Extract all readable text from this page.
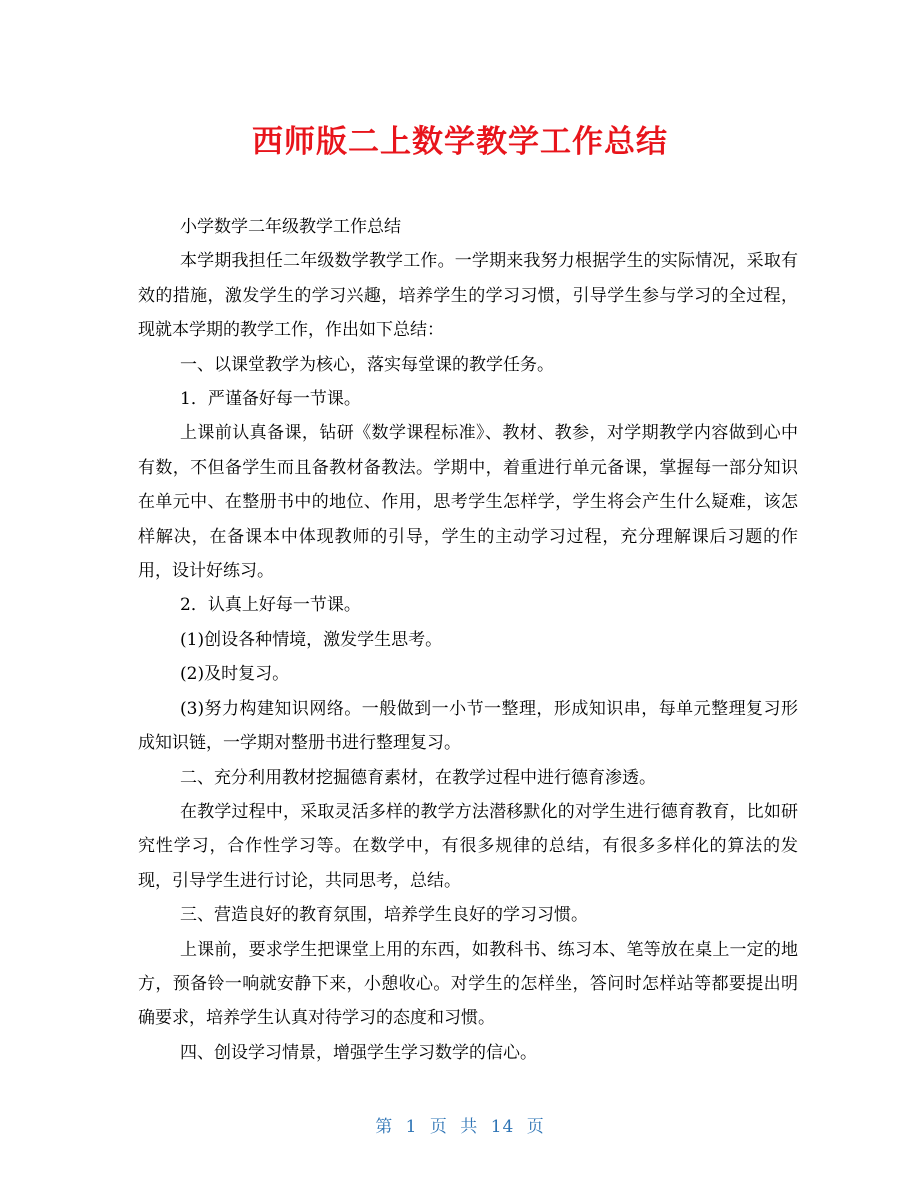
西师版二上数学教学工作总结

小学数学二年级教学工作总结

本学期我担任二年级数学教学工作。一学期来我努力根据学生的实际情况，采取有效的措施，激发学生的学习兴趣，培养学生的学习习惯，引导学生参与学习的全过程，现就本学期的教学工作，作出如下总结：

一、以课堂教学为核心，落实每堂课的教学任务。

1．严谨备好每一节课。

上课前认真备课，钻研《数学课程标准》、教材、教参，对学期教学内容做到心中有数，不但备学生而且备教材备教法。学期中，着重进行单元备课，掌握每一部分知识在单元中、在整册书中的地位、作用，思考学生怎样学，学生将会产生什么疑难，该怎样解决，在备课本中体现教师的引导，学生的主动学习过程，充分理解课后习题的作用，设计好练习。

2．认真上好每一节课。

(1)创设各种情境，激发学生思考。

(2)及时复习。

(3)努力构建知识网络。一般做到一小节一整理，形成知识串，每单元整理复习形成知识链，一学期对整册书进行整理复习。

二、充分利用教材挖掘德育素材，在教学过程中进行德育渗透。

在教学过程中，采取灵活多样的教学方法潜移默化的对学生进行德育教育，比如研究性学习，合作性学习等。在数学中，有很多规律的总结，有很多多样化的算法的发现，引导学生进行讨论，共同思考，总结。

三、营造良好的教育氛围，培养学生良好的学习习惯。

上课前，要求学生把课堂上用的东西，如教科书、练习本、笔等放在桌上一定的地方，预备铃一响就安静下来，小憩收心。对学生的怎样坐，答问时怎样站等都要提出明确要求，培养学生认真对待学习的态度和习惯。

四、创设学习情景，增强学生学习数学的信心。

第 1 页 共 14 页
